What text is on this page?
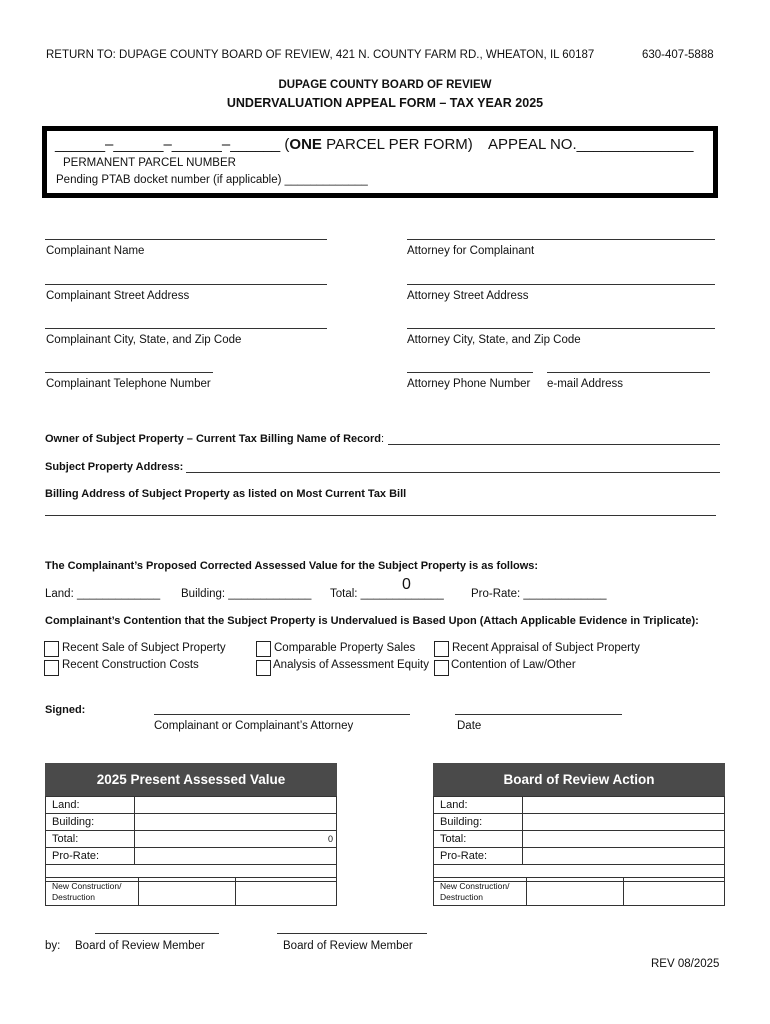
RETURN TO: DUPAGE COUNTY BOARD OF REVIEW, 421 N. COUNTY FARM RD., WHEATON, IL 60187	630-407-5888
DUPAGE COUNTY BOARD OF REVIEW
UNDERVALUATION APPEAL FORM – TAX YEAR 2025
______–______–______–______ (ONE PARCEL PER FORM) APPEAL NO.______________
PERMANENT PARCEL NUMBER
Pending PTAB docket number (if applicable) _____________
Complainant Name	Attorney for Complainant
Complainant Street Address	Attorney Street Address
Complainant City, State, and Zip Code	Attorney City, State, and Zip Code
Complainant Telephone Number	Attorney Phone Number e-mail Address
Owner of Subject Property – Current Tax Billing Name of Record:
Subject Property Address:
Billing Address of Subject Property as listed on Most Current Tax Bill
The Complainant’s Proposed Corrected Assessed Value for the Subject Property is as follows:
Land: _____________ Building: _____________ Total: _____________
0
Pro-Rate: _____________
Complainant’s Contention that the Subject Property is Undervalued is Based Upon (Attach Applicable Evidence in Triplicate):
Recent Sale of Subject Property
Recent Construction Costs
Comparable Property Sales
Analysis of Assessment Equity
Recent Appraisal of Subject Property
Contention of Law/Other
Signed:
Complainant or Complainant’s Attorney	Date
2025 Present Assessed Value
Land:	
Building:	
Total:	0
Pro-Rate:	

New Construction/
Destruction

Board of Review Action
Land:	
Building:	
Total:	
Pro-Rate:	

New Construction/
Destruction

by: Board of Review Member	Board of Review Member
REV 08/2025
